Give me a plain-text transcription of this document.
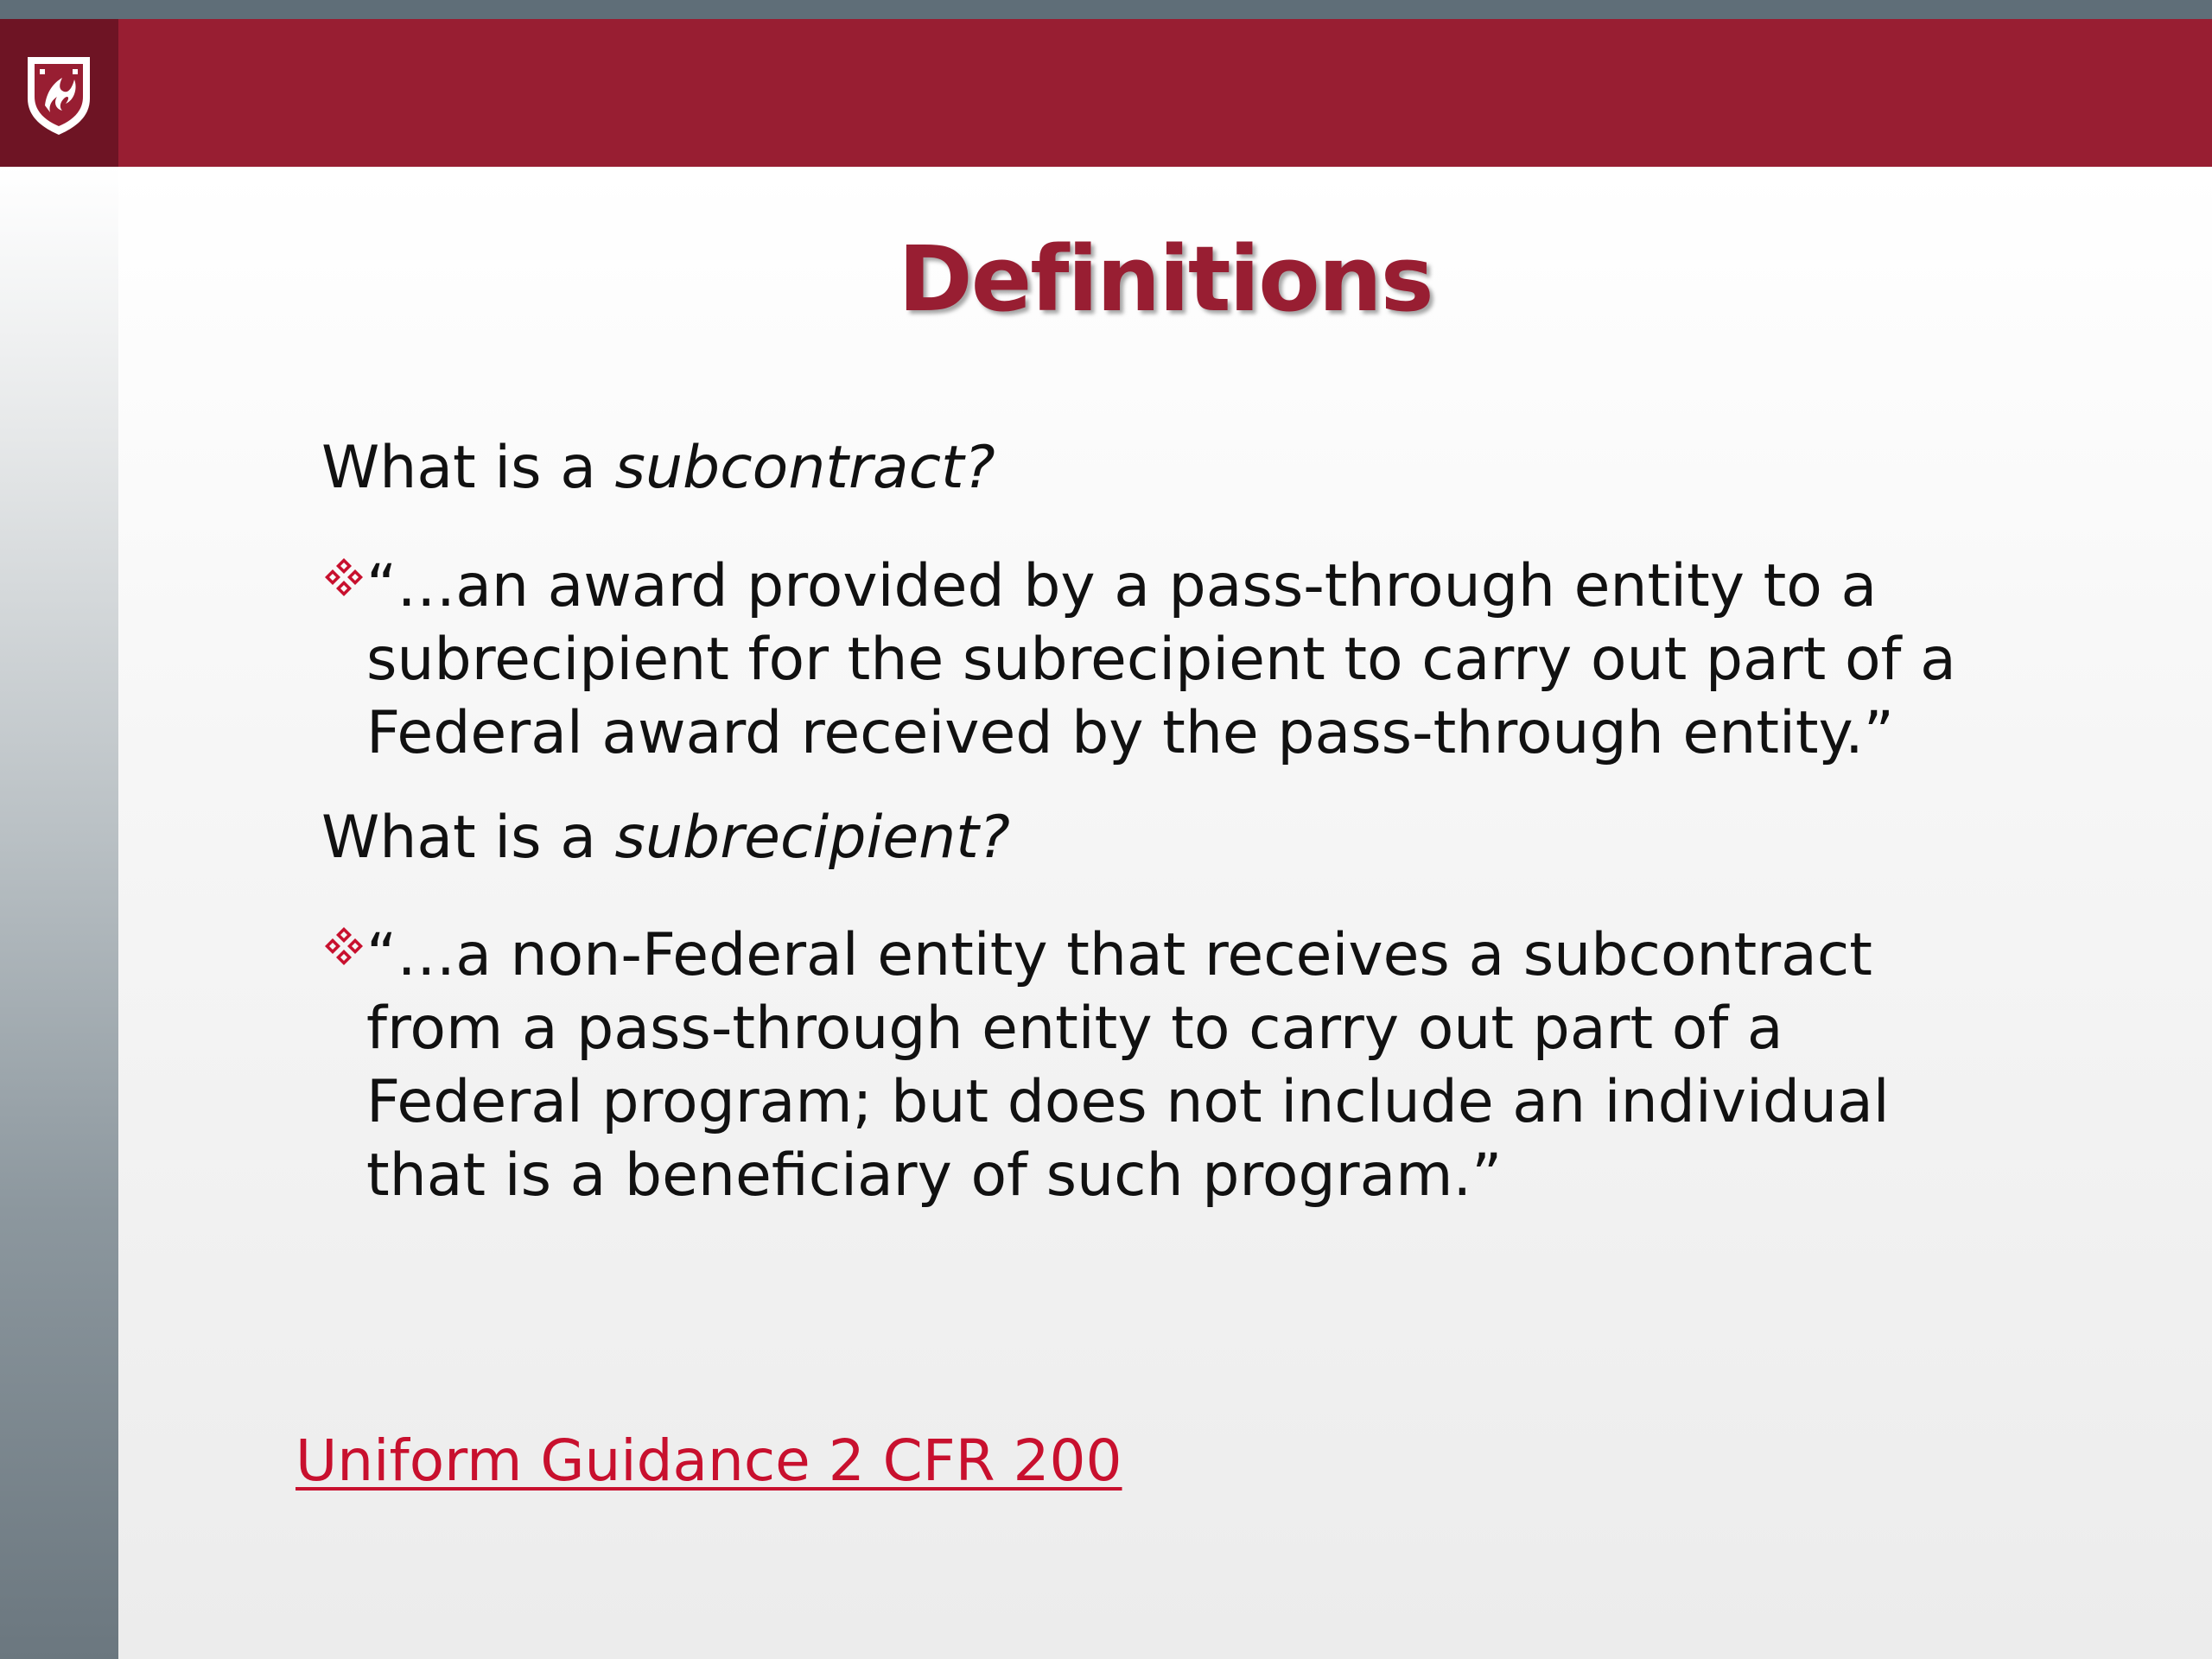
Definitions
What is a subcontract?
“…an award provided by a pass-through entity to a subrecipient for the subrecipient to carry out part of a Federal award received by the pass-through entity.”
What is a subrecipient?
“…a non-Federal entity that receives a subcontract from a pass-through entity to carry out part of a Federal program; but does not include an individual that is a beneficiary of such program.”
Uniform Guidance 2 CFR 200
